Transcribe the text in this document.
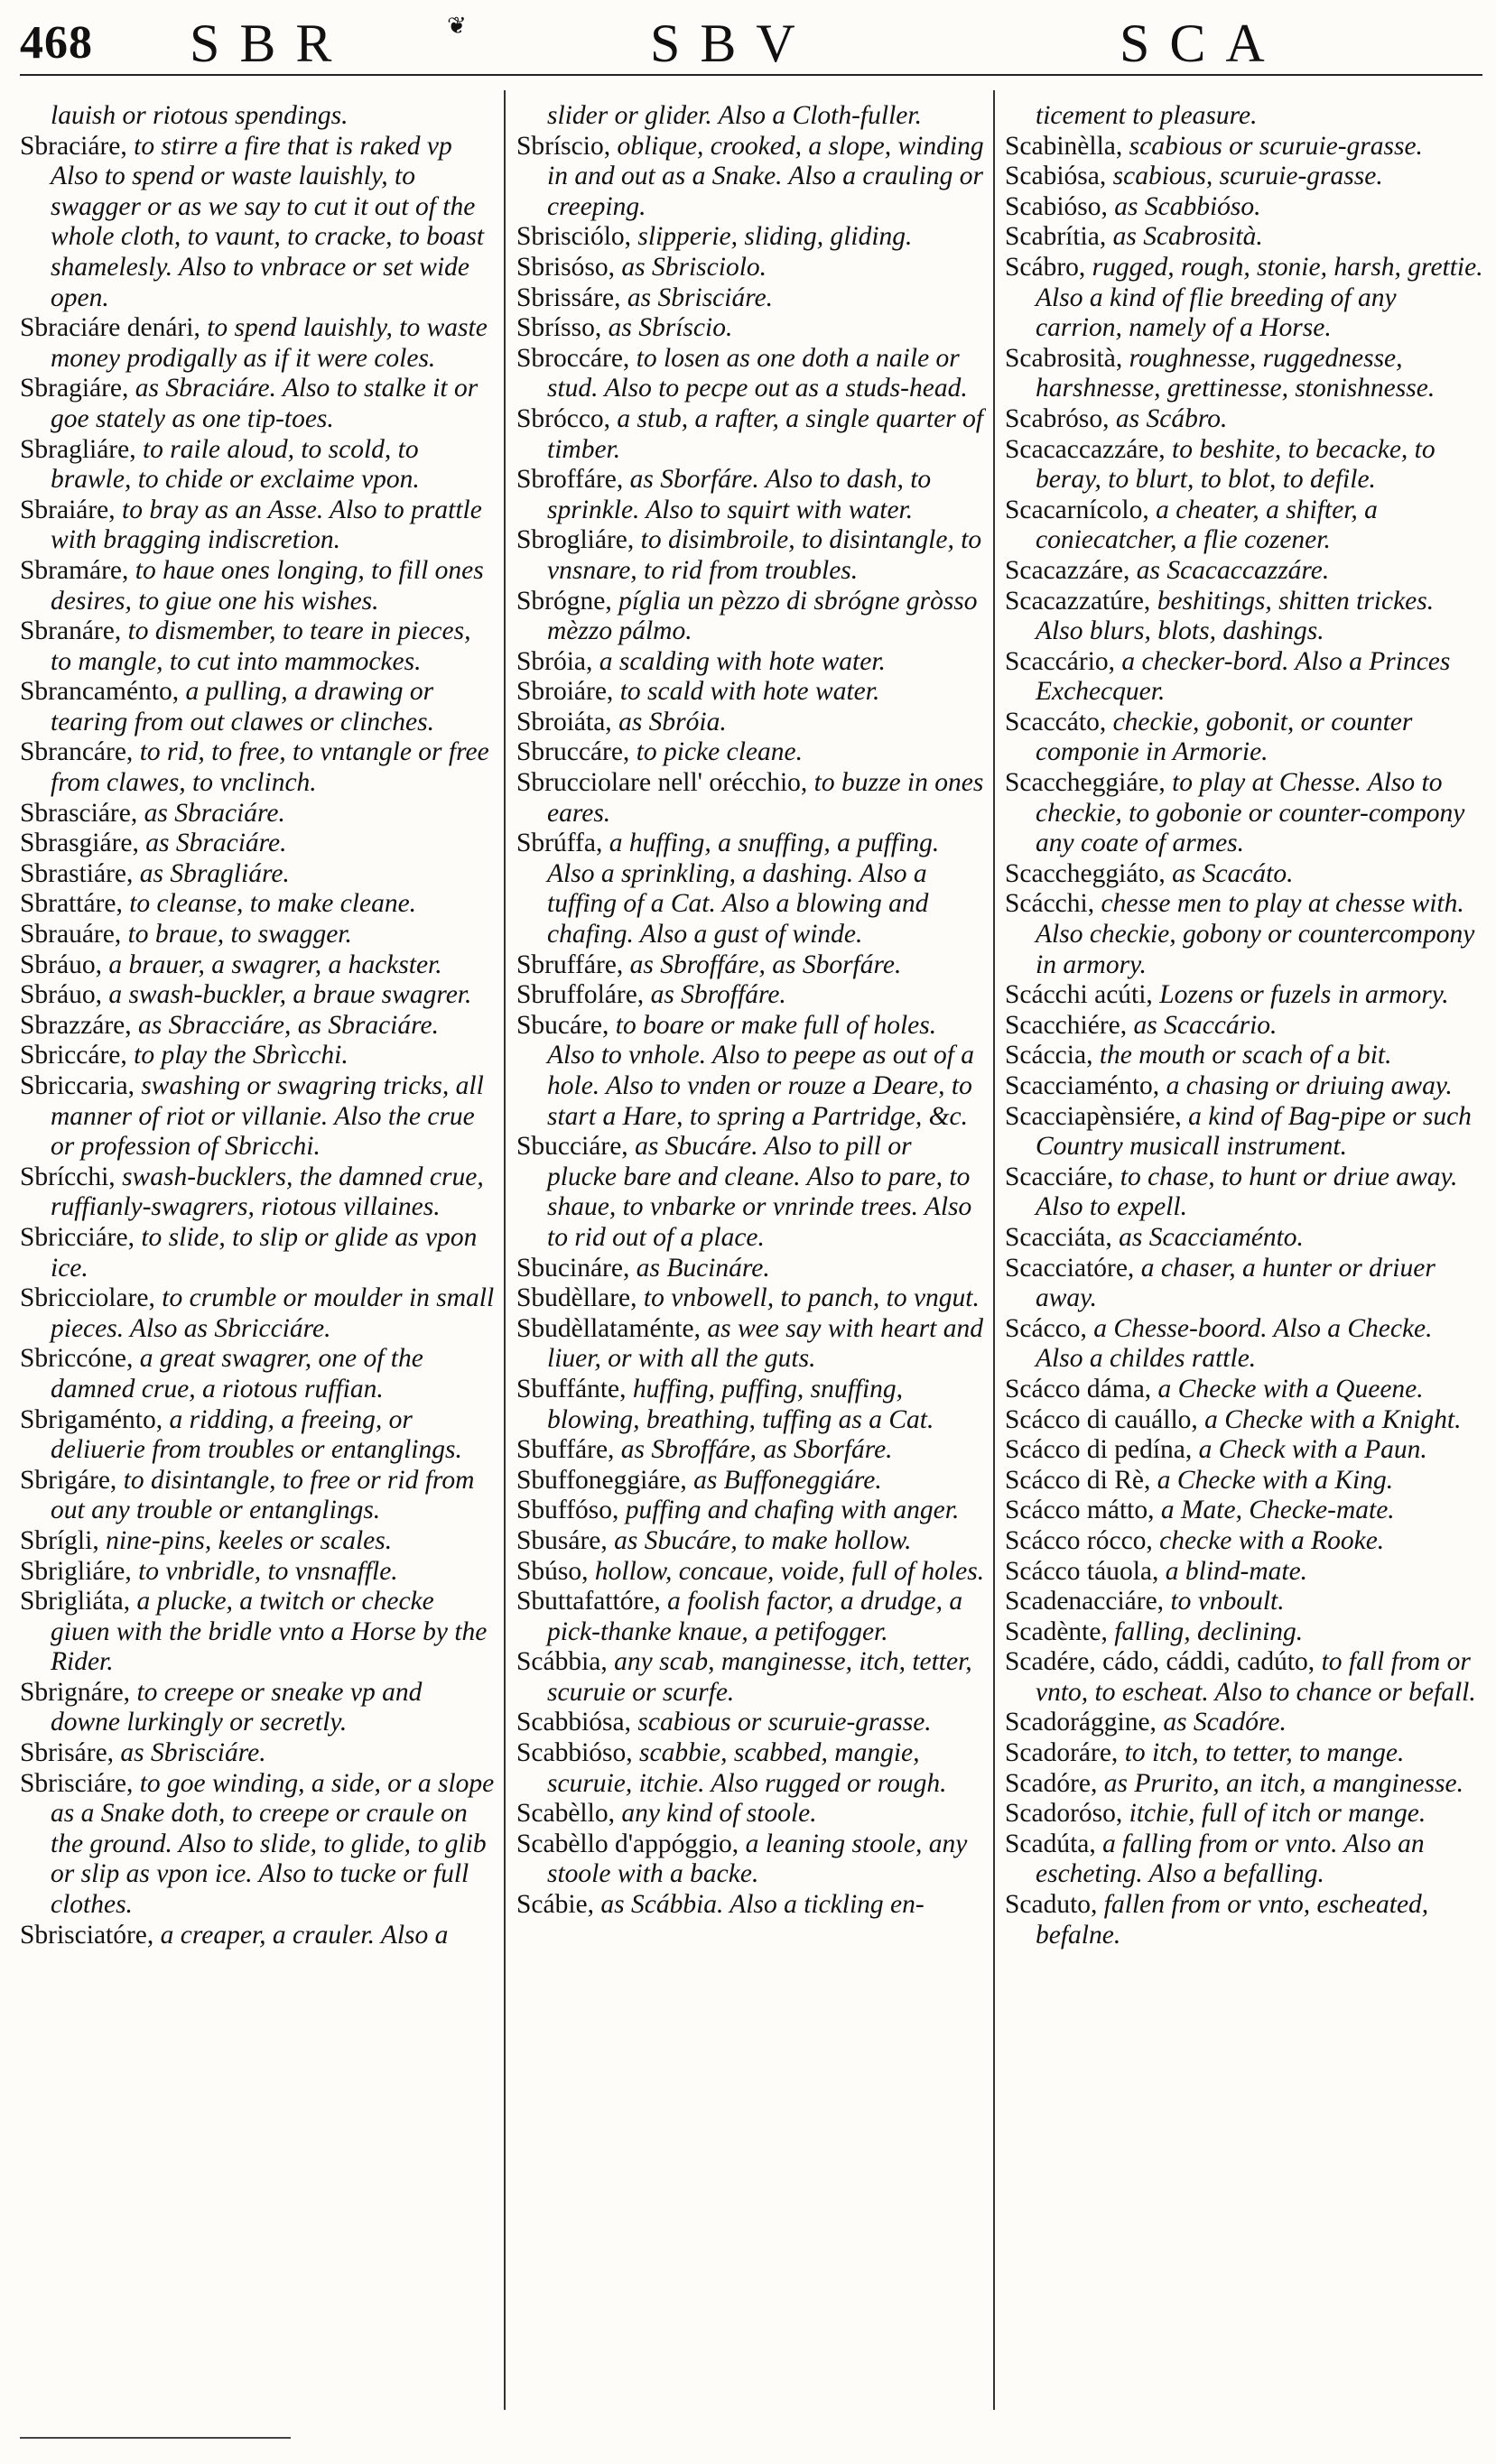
468 SBR	❦	SBV	SCA
lauish or riotous spendings.
Sbraciáre, to stirre a fire that is raked vp Also to spend or waste lauishly, to swagger or as we say to cut it out of the whole cloth, to vaunt, to cracke, to boast shamelesly. Also to vnbrace or set wide open.
Sbraciáre denári, to spend lauishly, to waste money prodigally as if it were coles.
Sbragiáre, as Sbraciáre. Also to stalke it or goe stately as one tip-toes.
Sbragliáre, to raile aloud, to scold, to brawle, to chide or exclaime vpon.
Sbraiáre, to bray as an Asse. Also to prattle with bragging indiscretion.
Sbramáre, to haue ones longing, to fill ones desires, to giue one his wishes.
Sbranáre, to dismember, to teare in pieces, to mangle, to cut into mammockes.
Sbrancaménto, a pulling, a drawing or tearing from out clawes or clinches.
Sbrancáre, to rid, to free, to vntangle or free from clawes, to vnclinch.
Sbrasciáre, as Sbraciáre.
Sbrasgiáre, as Sbraciáre.
Sbrastiáre, as Sbragliáre.
Sbrattáre, to cleanse, to make cleane.
Sbrauáre, to braue, to swagger.
Sbráuo, a brauer, a swagrer, a hackster.
Sbráuo, a swash-buckler, a braue swagrer.
Sbrazzáre, as Sbracciáre, as Sbraciáre.
Sbriccáre, to play the Sbrìcchi.
Sbriccaria, swashing or swagring tricks, all manner of riot or villanie. Also the crue or profession of Sbricchi.
Sbrícchi, swash-bucklers, the damned crue, ruffianly-swagrers, riotous villaines.
Sbricciáre, to slide, to slip or glide as vpon ice.
Sbricciolare, to crumble or moulder in small pieces. Also as Sbricciáre.
Sbriccóne, a great swagrer, one of the damned crue, a riotous ruffian.
Sbrigaménto, a ridding, a freeing, or deliuerie from troubles or entanglings.
Sbrigáre, to disintangle, to free or rid from out any trouble or entanglings.
Sbrígli, nine-pins, keeles or scales.
Sbrigliáre, to vnbridle, to vnsnaffle.
Sbrigliáta, a plucke, a twitch or checke giuen with the bridle vnto a Horse by the Rider.
Sbrignáre, to creepe or sneake vp and downe lurkingly or secretly.
Sbrisáre, as Sbrisciáre.
Sbrisciáre, to goe winding, a side, or a slope as a Snake doth, to creepe or craule on the ground. Also to slide, to glide, to glib or slip as vpon ice. Also to tucke or full clothes.
Sbrisciatóre, a creaper, a crauler. Also a
slider or glider. Also a Cloth-fuller.
Sbríscio, oblique, crooked, a slope, winding in and out as a Snake. Also a crauling or creeping.
Sbrisciólo, slipperie, sliding, gliding.
Sbrisóso, as Sbrisciolo.
Sbrissáre, as Sbrisciáre.
Sbrísso, as Sbríscio.
Sbroccáre, to losen as one doth a naile or stud. Also to pecpe out as a studs-head.
Sbrócco, a stub, a rafter, a single quarter of timber.
Sbroffáre, as Sborfáre. Also to dash, to sprinkle. Also to squirt with water.
Sbrogliáre, to disimbroile, to disintangle, to vnsnare, to rid from troubles.
Sbrógne, píglia un pèzzo di sbrógne gròsso mèzzo pálmo.
Sbróia, a scalding with hote water.
Sbroiáre, to scald with hote water.
Sbroiáta, as Sbróia.
Sbruccáre, to picke cleane.
Sbrucciolare nell' orécchio, to buzze in ones eares.
Sbrúffa, a huffing, a snuffing, a puffing. Also a sprinkling, a dashing. Also a tuffing of a Cat. Also a blowing and chafing. Also a gust of winde.
Sbruffáre, as Sbroffáre, as Sborfáre.
Sbruffoláre, as Sbroffáre.
Sbucáre, to boare or make full of holes. Also to vnhole. Also to peepe as out of a hole. Also to vnden or rouze a Deare, to start a Hare, to spring a Partridge, &c.
Sbucciáre, as Sbucáre. Also to pill or plucke bare and cleane. Also to pare, to shaue, to vnbarke or vnrinde trees. Also to rid out of a place.
Sbucináre, as Bucináre.
Sbudèllare, to vnbowell, to panch, to vngut.
Sbudèllataménte, as wee say with heart and liuer, or with all the guts.
Sbuffánte, huffing, puffing, snuffing, blowing, breathing, tuffing as a Cat.
Sbuffáre, as Sbroffáre, as Sborfáre.
Sbuffoneggiáre, as Buffoneggiáre.
Sbuffóso, puffing and chafing with anger.
Sbusáre, as Sbucáre, to make hollow.
Sbúso, hollow, concaue, voide, full of holes.
Sbuttafattóre, a foolish factor, a drudge, a pick-thanke knaue, a petifogger.
Scábbia, any scab, manginesse, itch, tetter, scuruie or scurfe.
Scabbiósa, scabious or scuruie-grasse.
Scabbióso, scabbie, scabbed, mangie, scuruie, itchie. Also rugged or rough.
Scabèllo, any kind of stoole.
Scabèllo d'appóggio, a leaning stoole, any stoole with a backe.
Scábie, as Scábbia. Also a tickling en-
ticement to pleasure.
Scabinèlla, scabious or scuruie-grasse.
Scabiósa, scabious, scuruie-grasse.
Scabióso, as Scabbióso.
Scabrítia, as Scabrosità.
Scábro, rugged, rough, stonie, harsh, grettie. Also a kind of flie breeding of any carrion, namely of a Horse.
Scabrosità, roughnesse, ruggednesse, harshnesse, grettinesse, stonishnesse.
Scabróso, as Scábro.
Scacaccazzáre, to beshite, to becacke, to beray, to blurt, to blot, to defile.
Scacarnícolo, a cheater, a shifter, a coniecatcher, a flie cozener.
Scacazzáre, as Scacaccazzáre.
Scacazzatúre, beshitings, shitten trickes. Also blurs, blots, dashings.
Scaccário, a checker-bord. Also a Princes Exchecquer.
Scaccáto, checkie, gobonit, or counter componie in Armorie.
Scaccheggiáre, to play at Chesse. Also to checkie, to gobonie or counter-compony any coate of armes.
Scaccheggiáto, as Scacáto.
Scácchi, chesse men to play at chesse with. Also checkie, gobony or countercompony in armory.
Scácchi acúti, Lozens or fuzels in armory.
Scacchiére, as Scaccário.
Scáccia, the mouth or scach of a bit.
Scacciaménto, a chasing or driuing away.
Scacciapènsiére, a kind of Bag-pipe or such Country musicall instrument.
Scacciáre, to chase, to hunt or driue away. Also to expell.
Scacciáta, as Scacciaménto.
Scacciatóre, a chaser, a hunter or driuer away.
Scácco, a Chesse-boord. Also a Checke. Also a childes rattle.
Scácco dáma, a Checke with a Queene.
Scácco di cauállo, a Checke with a Knight.
Scácco di pedína, a Check with a Paun.
Scácco di Rè, a Checke with a King.
Scácco mátto, a Mate, Checke-mate.
Scácco rócco, checke with a Rooke.
Scácco táuola, a blind-mate.
Scadenacciáre, to vnboult.
Scadènte, falling, declining.
Scadére, cádo, cáddi, cadúto, to fall from or vnto, to escheat. Also to chance or befall.
Scadorággine, as Scadóre.
Scadoráre, to itch, to tetter, to mange.
Scadóre, as Prurito, an itch, a manginesse.
Scadoróso, itchie, full of itch or mange.
Scadúta, a falling from or vnto. Also an escheting. Also a befalling.
Scaduto, fallen from or vnto, escheated, befalne.
